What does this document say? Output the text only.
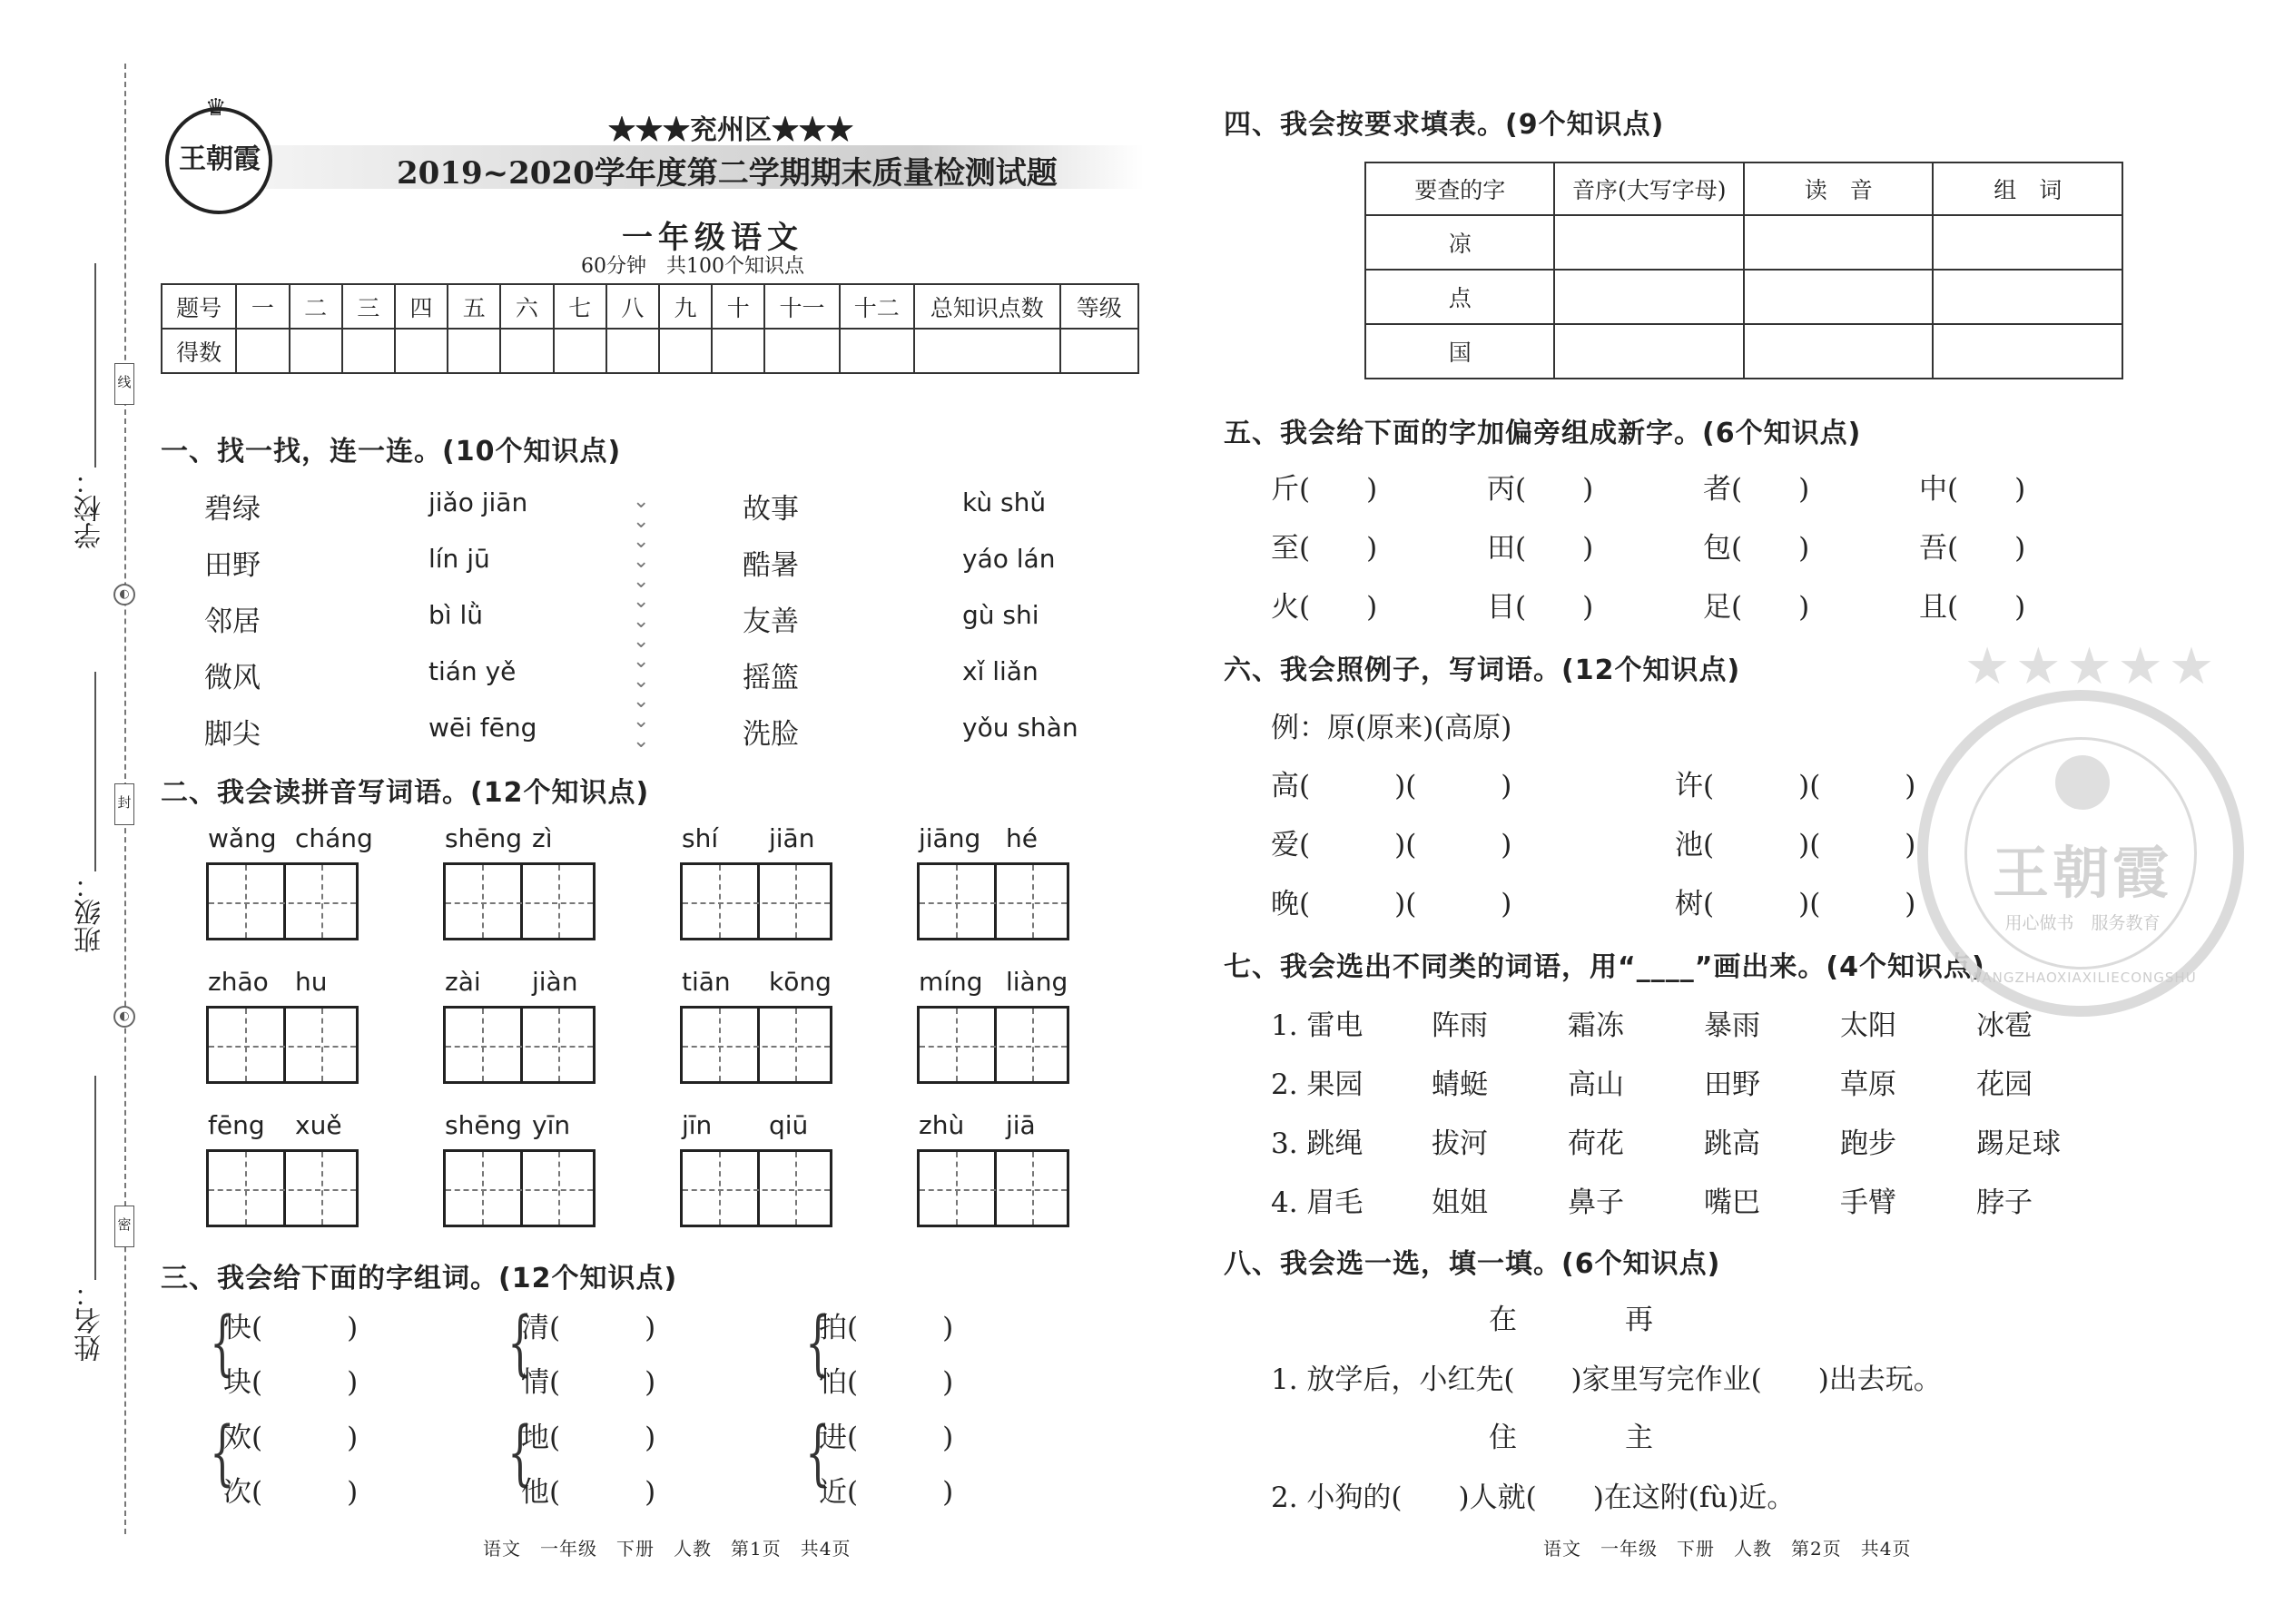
线
封
密
◐
◐
学校：
班级：
姓名：
♛
王朝霞
★★★兖州区★★★
2019~2020学年度第二学期期末质量检测试题
一年级语文
60分钟　共100个知识点
题号	一	二	三	四	五	六	七	八	九	十	十一	十二	总知识点数	等级
得数														
一、找一找，连一连。(10个知识点)
碧绿	jiǎo jiān	故事	kù shǔ
田野	lín jū	酷暑	yáo lán
邻居	bì lǜ	友善	gù shi
微风	tián yě	摇篮	xǐ liǎn
脚尖	wēi fēng	洗脸	yǒu shàn
⌄
⌄
⌄
⌄
⌄
⌄
⌄
⌄
⌄
⌄
⌄
⌄
⌄
二、我会读拼音写词语。(12个知识点)
wǎng cháng	shēng zì	shí jiān	jiāng hé
zhāo hu	zài jiàn	tiān kōng	míng liàng
fēng xuě	shēng yīn	jīn qiū	zhù jiā
三、我会给下面的字组词。(12个知识点)
{
快(　　　)
块(　　　) {
清(　　　)
情(　　　) {
拍(　　　)
怕(　　　)
{
欢(　　　)
次(　　　) {
地(　　　)
他(　　　) {
进(　　　)
近(　　　)
四、我会按要求填表。(9个知识点)
要查的字	音序(大写字母)	读　音	组　词
凉			
点			
国			
五、我会给下面的字加偏旁组成新字。(6个知识点)
斤(　　)	丙(　　)	者(　　)	中(　　)
至(　　)	田(　　)	包(　　)	吾(　　)
火(　　)	目(　　)	足(　　)	且(　　)
六、我会照例子，写词语。(12个知识点)
例：原(原来)(高原)
高(　　　)(　　　)	许(　　　)(　　　)
爱(　　　)(　　　)	池(　　　)(　　　)
晚(　　　)(　　　)	树(　　　)(　　　)
七、我会选出不同类的词语，用“____”画出来。(4个知识点)
1. 雷电 阵雨	霜冻	暴雨	太阳	冰雹
2. 果园 蜻蜓	高山	田野	草原	花园
3. 跳绳 拔河	荷花	跳高	跑步	踢足球
4. 眉毛 姐姐	鼻子	嘴巴	手臂	脖子
八、我会选一选，填一填。(6个知识点)
在	再
1. 放学后，小红先(　　)家里写完作业(　　)出去玩。
住	主
2. 小狗的(　　)人就(　　)在这附(fù)近。
★★★★★
王朝霞
用心做书　服务教育
WANGZHAOXIAXILIECONGSHU
语文　一年级　下册　人教　第1页　共4页	语文　一年级　下册　人教　第2页　共4页
